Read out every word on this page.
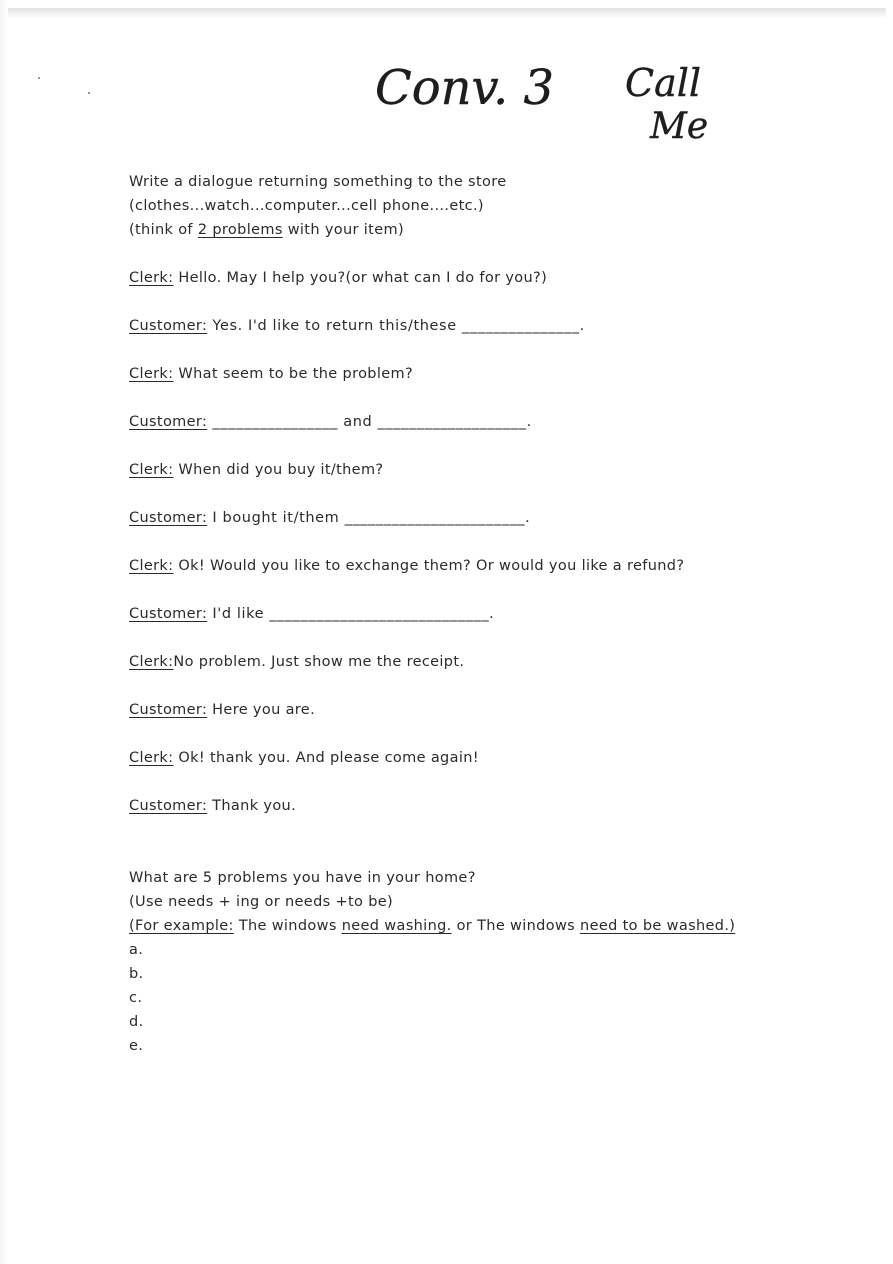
Conv. 3 Call
Me
Write a dialogue returning something to the store
(clothes...watch...computer...cell phone....etc.)
(think of 2 problems with your item)
Clerk: Hello. May I help you?(or what can I do for you?)
Customer: Yes. I'd like to return this/these _______________.
Clerk: What seem to be the problem?
Customer: ________________ and ___________________.
Clerk: When did you buy it/them?
Customer: I bought it/them _______________________.
Clerk: Ok! Would you like to exchange them? Or would you like a refund?
Customer: I'd like ____________________________.
Clerk:No problem. Just show me the receipt.
Customer: Here you are.
Clerk: Ok! thank you. And please come again!
Customer: Thank you.
What are 5 problems you have in your home?
(Use needs + ing or needs +to be)
(For example: The windows need washing. or The windows need to be washed.)
a.
b.
c.
d.
e.
